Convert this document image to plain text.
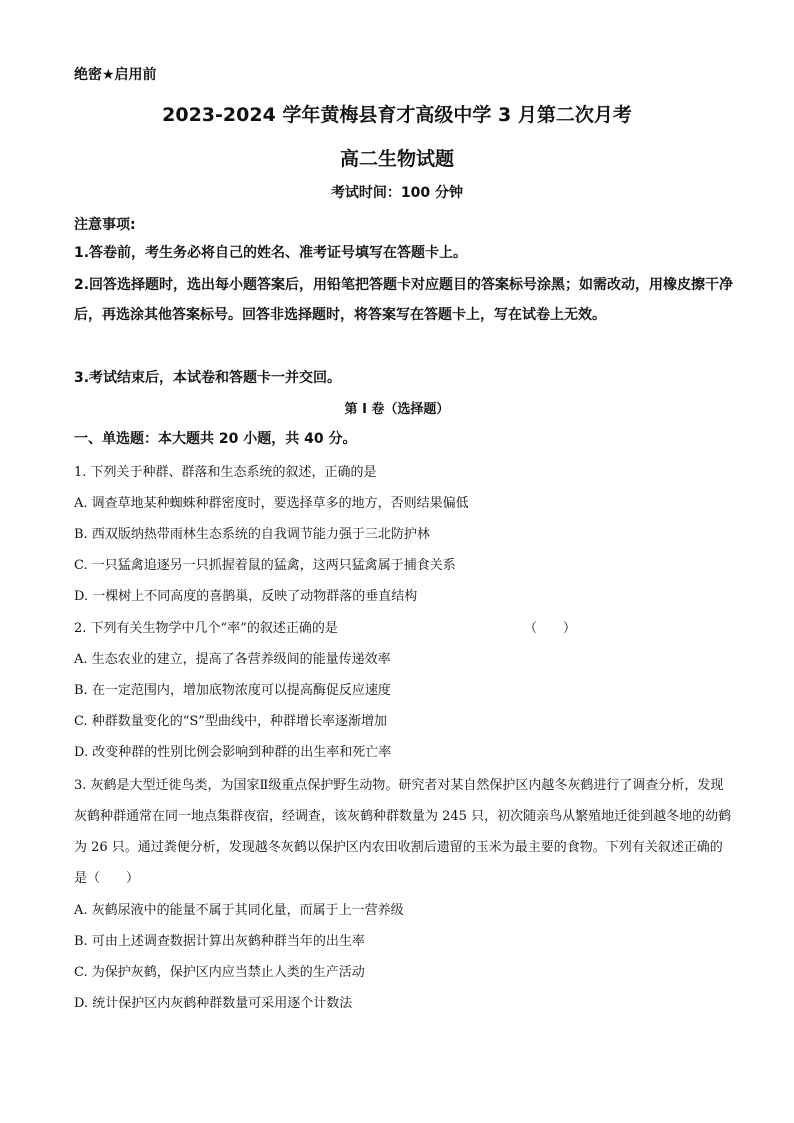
绝密★启用前
2023-2024 学年黄梅县育才高级中学 3 月第二次月考
高二生物试题
考试时间：100 分钟
注意事项:
1.答卷前，考生务必将自己的姓名、准考证号填写在答题卡上。
2.回答选择题时，选出每小题答案后，用铅笔把答题卡对应题目的答案标号涂黑；如需改动，用橡皮擦干净后，再选涂其他答案标号。回答非选择题时，将答案写在答题卡上，写在试卷上无效。
3.考试结束后，本试卷和答题卡一并交回。
第 I 卷（选择题）
一、单选题：本大题共 20 小题，共 40 分。
1. 下列关于种群、群落和生态系统的叙述，正确的是
A. 调查草地某种蜘蛛种群密度时，要选择草多的地方，否则结果偏低
B. 西双版纳热带雨林生态系统的自我调节能力强于三北防护林
C. 一只猛禽追逐另一只抓握着鼠的猛禽，这两只猛禽属于捕食关系
D. 一棵树上不同高度的喜鹊巢，反映了动物群落的垂直结构
2. 下列有关生物学中几个“率”的叙述正确的是	（　　）
A. 生态农业的建立，提高了各营养级间的能量传递效率
B. 在一定范围内，增加底物浓度可以提高酶促反应速度
C. 种群数量变化的“S”型曲线中，种群增长率逐渐增加
D. 改变种群的性别比例会影响到种群的出生率和死亡率
3. 灰鹤是大型迁徙鸟类，为国家Ⅱ级重点保护野生动物。研究者对某自然保护区内越冬灰鹤进行了调查分析，发现灰鹤种群通常在同一地点集群夜宿，经调查，该灰鹤种群数量为 245 只，初次随亲鸟从繁殖地迁徙到越冬地的幼鹤为 26 只。通过粪便分析，发现越冬灰鹤以保护区内农田收割后遗留的玉米为最主要的食物。下列有关叙述正确的是（　　）
A. 灰鹤尿液中的能量不属于其同化量，而属于上一营养级
B. 可由上述调查数据计算出灰鹤种群当年的出生率
C. 为保护灰鹤，保护区内应当禁止人类的生产活动
D. 统计保护区内灰鹤种群数量可采用逐个计数法
